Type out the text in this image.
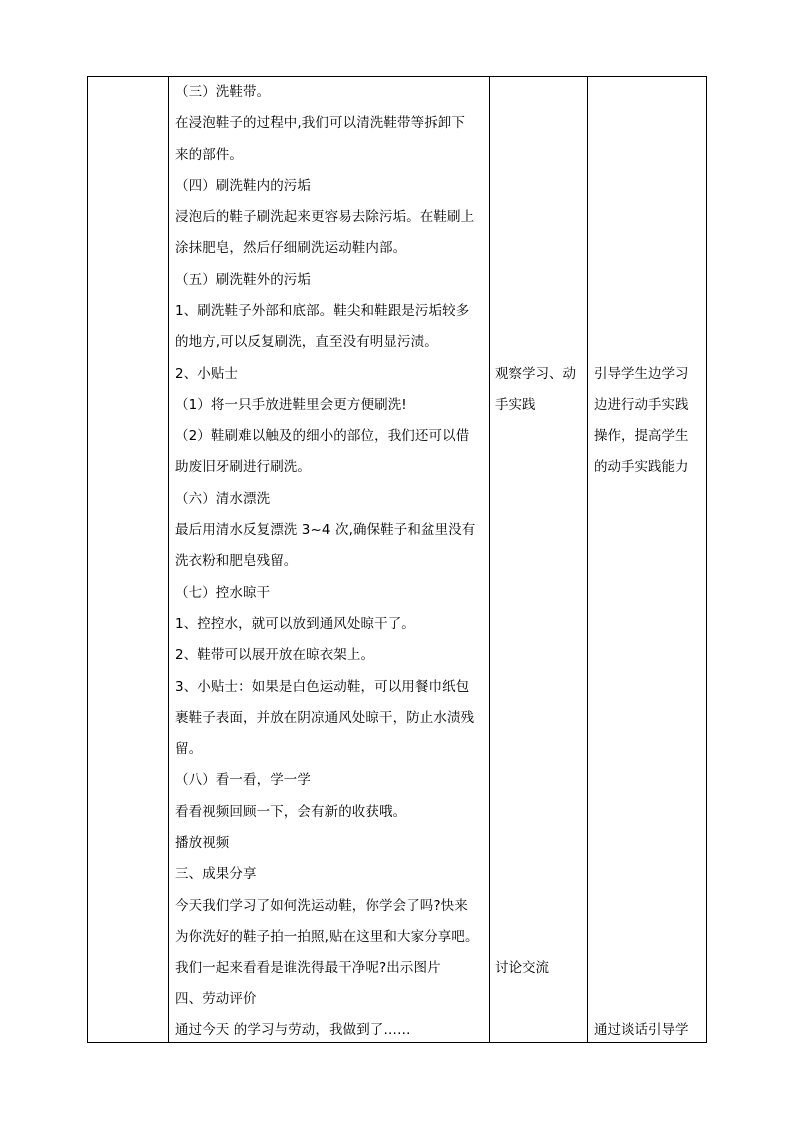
（三）洗鞋带。
在浸泡鞋子的过程中,我们可以清洗鞋带等拆卸下
来的部件。
（四）刷洗鞋内的污垢
浸泡后的鞋子刷洗起来更容易去除污垢。在鞋刷上
涂抹肥皂，然后仔细刷洗运动鞋内部。
（五）刷洗鞋外的污垢
1、刷洗鞋子外部和底部。鞋尖和鞋跟是污垢较多
的地方,可以反复刷洗，直至没有明显污渍。
2、小贴士
（1）将一只手放进鞋里会更方便刷洗!
（2）鞋刷难以触及的细小的部位，我们还可以借
助废旧牙刷进行刷洗。
（六）清水漂洗
最后用清水反复漂洗 3~4 次,确保鞋子和盆里没有
洗衣粉和肥皂残留。
（七）控水晾干
1、控控水，就可以放到通风处晾干了。
2、鞋带可以展开放在晾衣架上。
3、小贴士：如果是白色运动鞋，可以用餐巾纸包
裹鞋子表面，并放在阴凉通风处晾干，防止水渍残
留。
（八）看一看，学一学
看看视频回顾一下，会有新的收获哦。
播放视频
三、成果分享
今天我们学习了如何洗运动鞋，你学会了吗?快来
为你洗好的鞋子拍一拍照,贴在这里和大家分享吧。
我们一起来看看是谁洗得最干净呢?出示图片
四、劳动评价
通过今天 的学习与劳动，我做到了……
观察学习、动
手实践
讨论交流
引导学生边学习
边进行动手实践
操作，提高学生
的动手实践能力
通过谈话引导学
